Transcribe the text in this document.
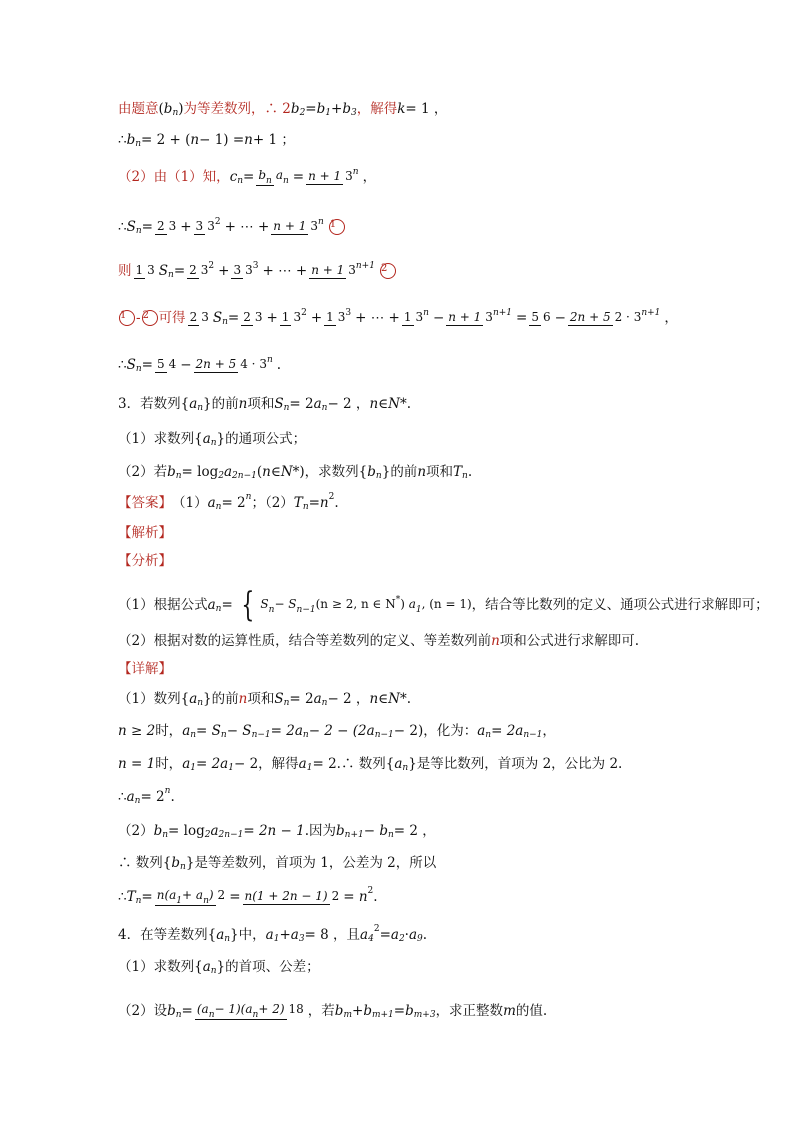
由题意 ( b n ) 为等差数列，∴ 2 b 2 = b 1 + b 3 ，解得 k = 1 ，
∴ b n = 2 + ( n − 1) = n + 1 ；
（2）由（1）知， c n = bn an = n + 1 3n ，
∴ S n = 2 3 + 3 32 + ⋯ + n + 1 3n 1
则 1 3 S n = 2 32 + 3 33 + ⋯ + n + 1 3n+1 2
1 - 2 可得 2 3 S n = 2 3 + 1 32 + 1 33 + ⋯ + 1 3n − n + 1 3n+1 = 5 6 − 2n + 5 2 · 3n+1 ，
∴ S n = 5 4 − 2n + 5 4 · 3n .
3．若数列 { a n } 的前 n 项和 S n = 2 a n − 2 ， n ∈ N *.
（1）求数列 { a n } 的通项公式；
（2）若 b n = log 2 a 2n−1 ( n ∈ N *) ，求数列 { b n } 的前 n 项和 T n .
【答案】 （1） a n = 2 n ；（2） T n = n 2 .
【解析】
【分析】
（1）根据公式 a n = { Sn− Sn−1(n ≥ 2, n ∈ N*) a1, (n = 1) ，结合等比数列的定义、通项公式进行求解即可；
（2）根据对数的运算性质，结合等差数列的定义、等差数列前 n 项和公式进行求解即可.
【详解】
（1）数列 { a n } 的前 n 项和 S n = 2 a n − 2 ， n ∈ N *.
n ≥ 2 时， a n = S n − S n−1 = 2a n − 2 − (2a n−1 − 2) ，化为： a n = 2a n−1 ，
n = 1 时， a 1 = 2a 1 − 2 ，解得 a 1 = 2.∴ 数列 { a n } 是等比数列，首项为 2，公比为 2.
∴ a n = 2 n .
（2） b n = log 2 a 2n−1 = 2n − 1 .因为 b n+1 − b n = 2 ，
∴ 数列 { b n } 是等差数列，首项为 1，公差为 2，所以
∴ T n = n(a1+ an) 2 = n(1 + 2n − 1) 2 = n 2 .
4．在等差数列 { a n } 中， a 1 + a 3 = 8 ，且 a 4
2 = a 2 · a 9 .
（1）求数列 { a n } 的首项、公差；
（2）设 b n = (an− 1)(an+ 2) 18 ，若 b m + b m+1 = b m+3 ，求正整数 m 的值.
